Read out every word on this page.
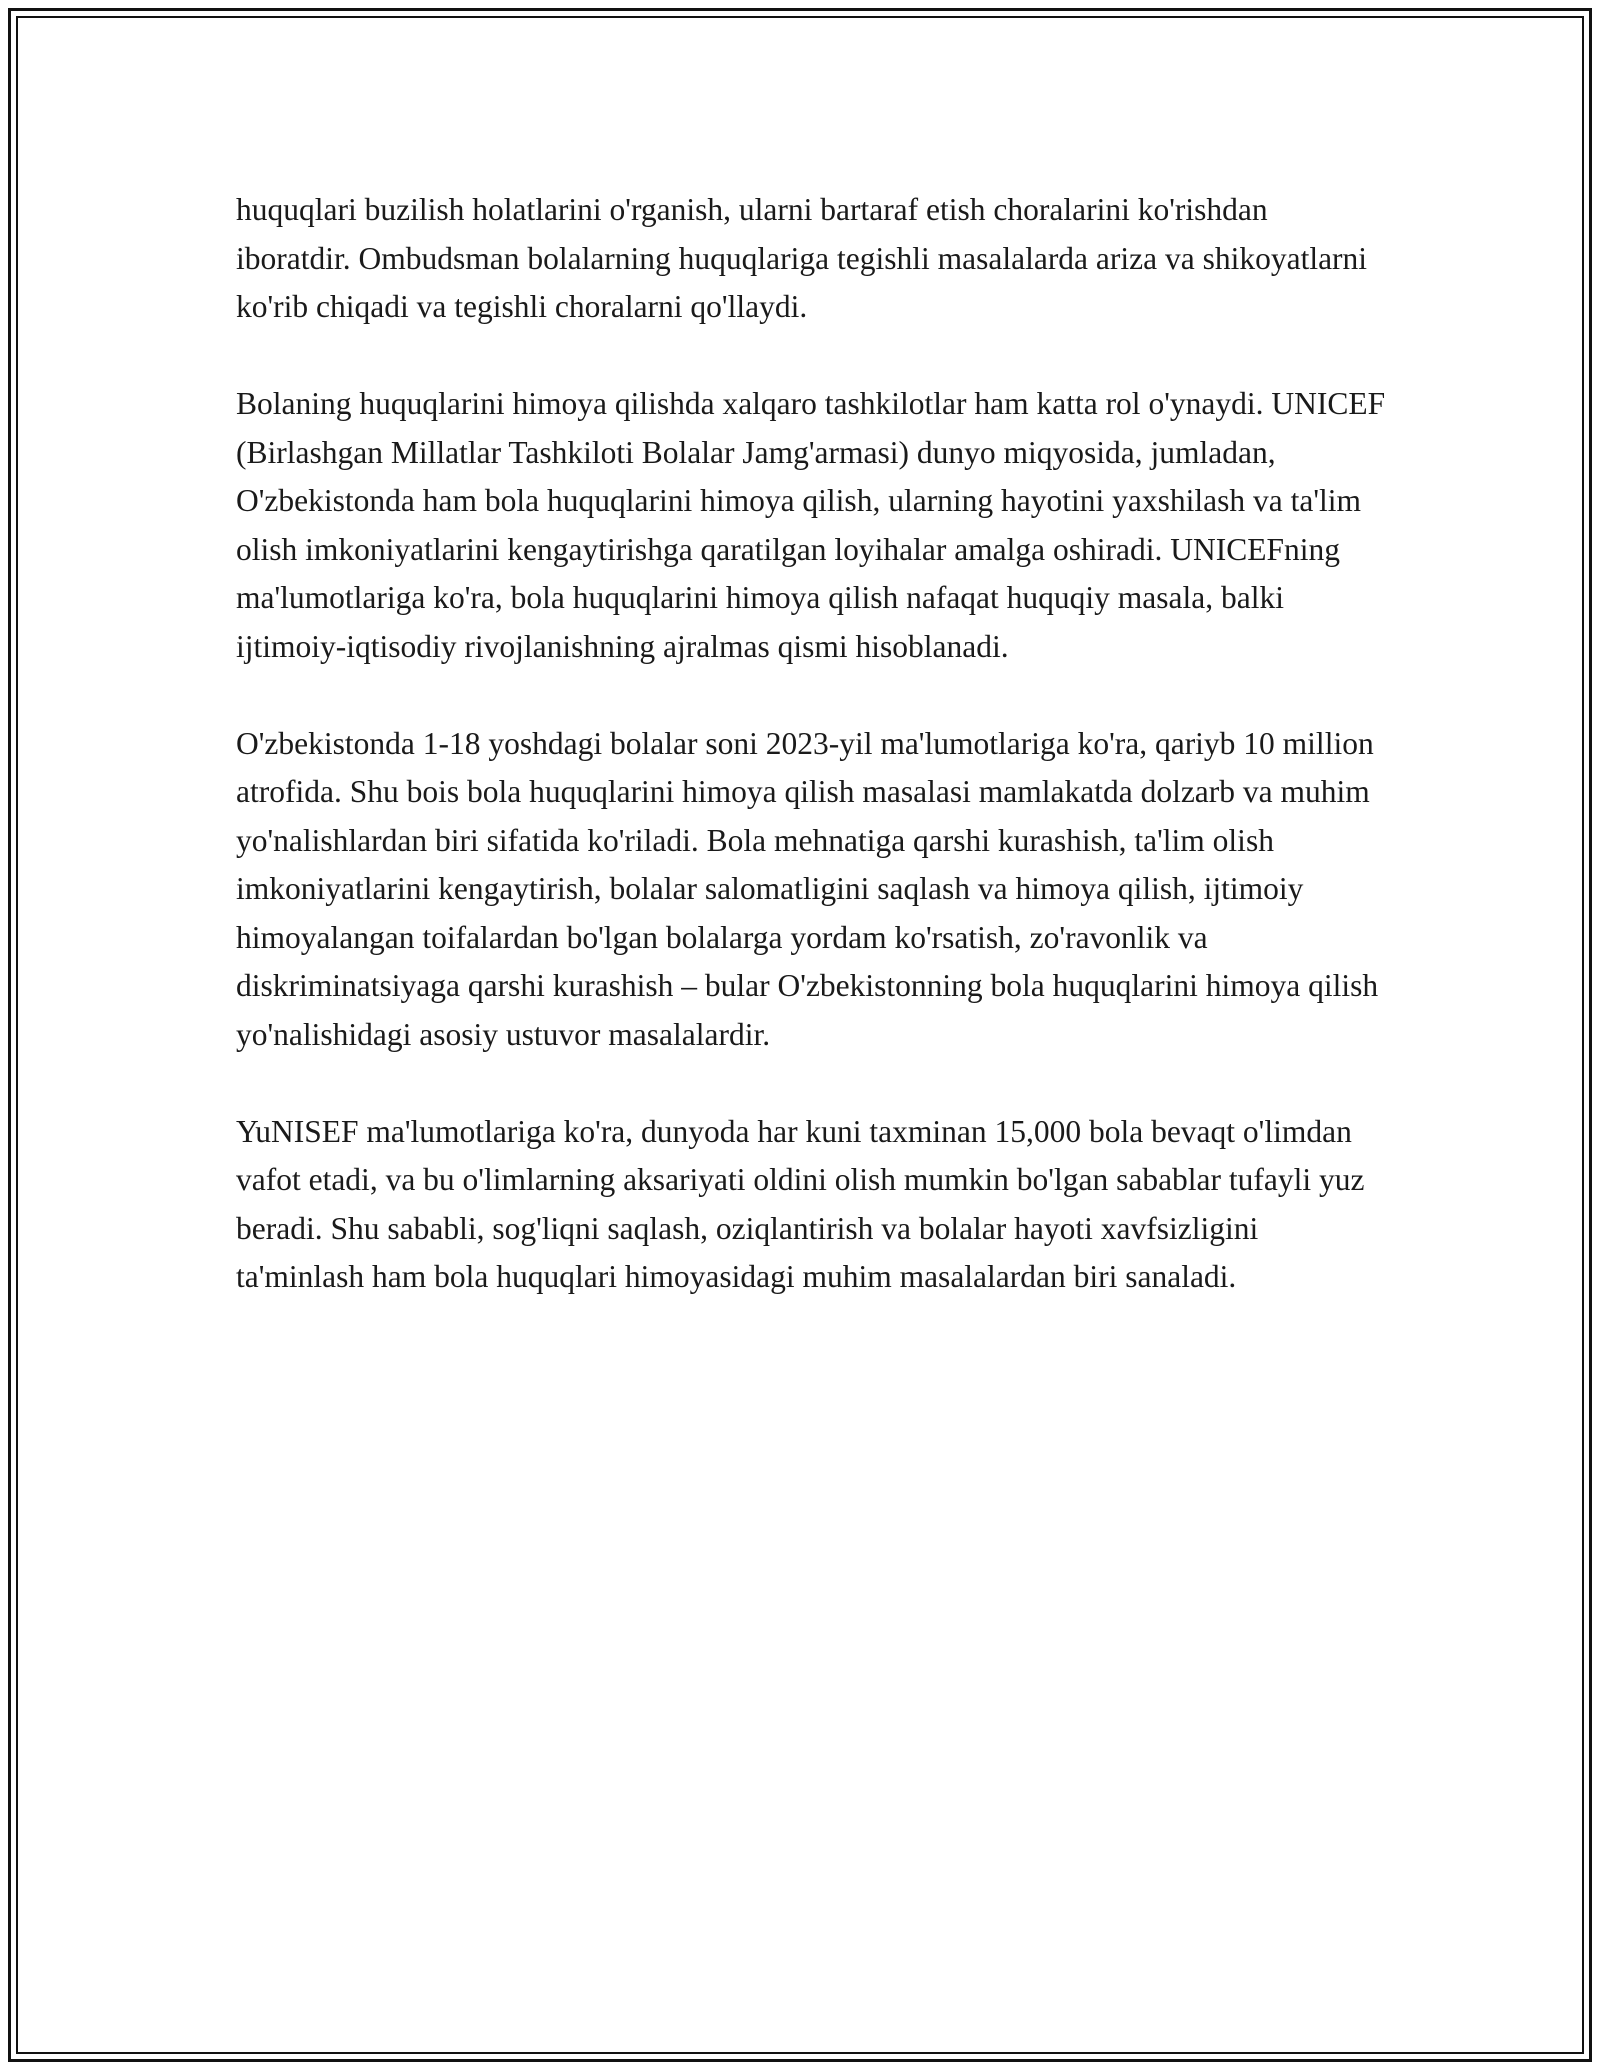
huquqlari buzilish holatlarini o'rganish, ularni bartaraf etish choralarini ko'rishdan iboratdir. Ombudsman bolalarning huquqlariga tegishli masalalarda ariza va shikoyatlarni ko'rib chiqadi va tegishli choralarni qo'llaydi.

Bolaning huquqlarini himoya qilishda xalqaro tashkilotlar ham katta rol o'ynaydi. UNICEF (Birlashgan Millatlar Tashkiloti Bolalar Jamg'armasi) dunyo miqyosida, jumladan, O'zbekistonda ham bola huquqlarini himoya qilish, ularning hayotini yaxshilash va ta'lim olish imkoniyatlarini kengaytirishga qaratilgan loyihalar amalga oshiradi. UNICEFning ma'lumotlariga ko'ra, bola huquqlarini himoya qilish nafaqat huquqiy masala, balki ijtimoiy-iqtisodiy rivojlanishning ajralmas qismi hisoblanadi.

O'zbekistonda 1-18 yoshdagi bolalar soni 2023-yil ma'lumotlariga ko'ra, qariyb 10 million atrofida. Shu bois bola huquqlarini himoya qilish masalasi mamlakatda dolzarb va muhim yo'nalishlardan biri sifatida ko'riladi. Bola mehnatiga qarshi kurashish, ta'lim olish imkoniyatlarini kengaytirish, bolalar salomatligini saqlash va himoya qilish, ijtimoiy himoyalangan toifalardan bo'lgan bolalarga yordam ko'rsatish, zo'ravonlik va diskriminatsiyaga qarshi kurashish – bular O'zbekistonning bola huquqlarini himoya qilish yo'nalishidagi asosiy ustuvor masalalardir.

YuNISEF ma'lumotlariga ko'ra, dunyoda har kuni taxminan 15,000 bola bevaqt o'limdan vafot etadi, va bu o'limlarning aksariyati oldini olish mumkin bo'lgan sabablar tufayli yuz beradi. Shu sababli, sog'liqni saqlash, oziqlantirish va bolalar hayoti xavfsizligini ta'minlash ham bola huquqlari himoyasidagi muhim masalalardan biri sanaladi.
